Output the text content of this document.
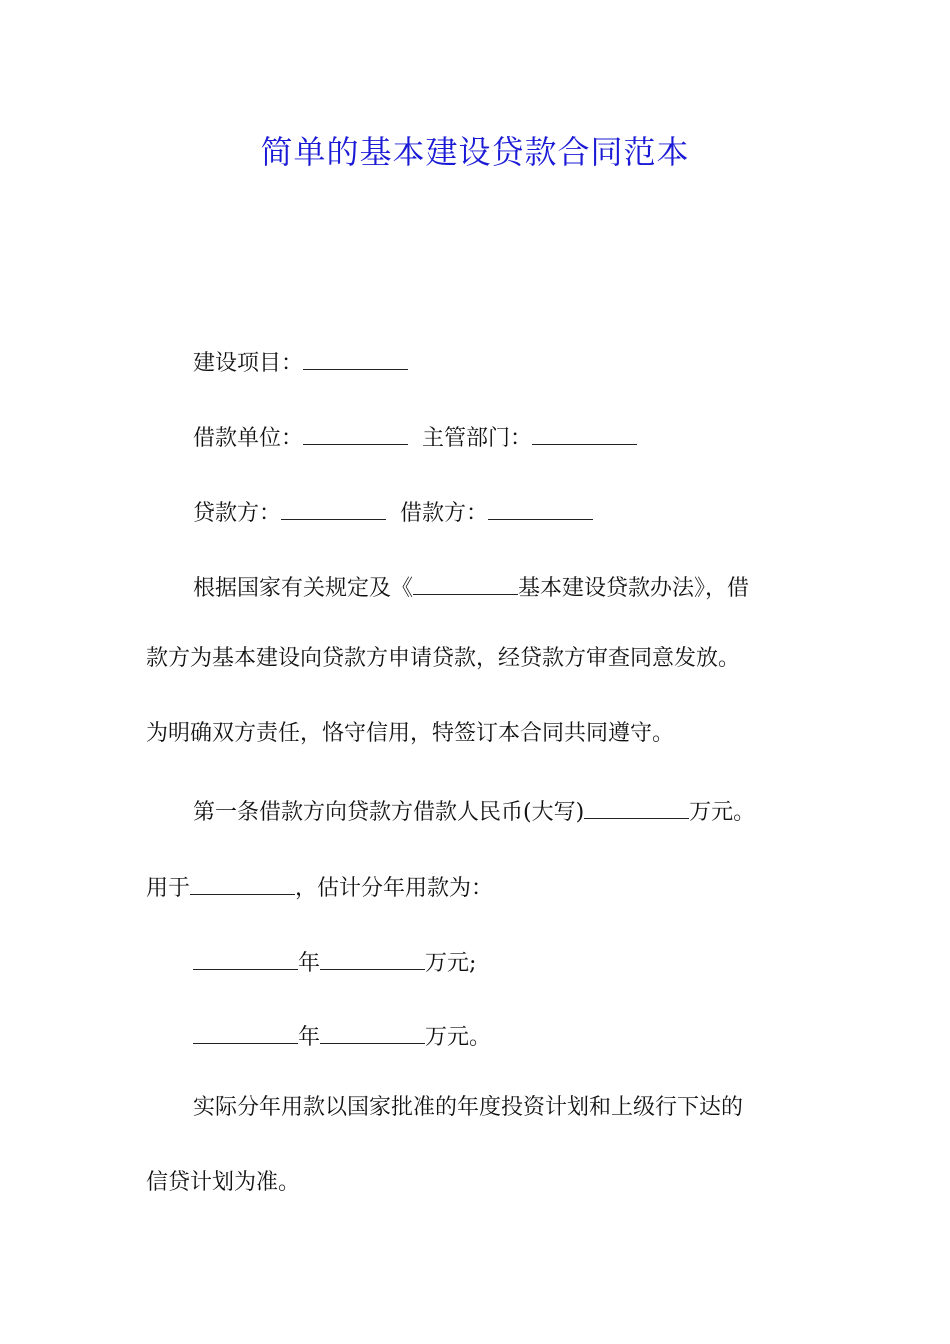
简单的基本建设贷款合同范本
建设项目：
借款单位：	主管部门：
贷款方：	借款方：
根据国家有关规定及《	基本建设贷款办法》，借
款方为基本建设向贷款方申请贷款，经贷款方审查同意发放。
为明确双方责任，恪守信用，特签订本合同共同遵守。
第一条借款方向贷款方借款人民币(大写)	万元。
用于	，估计分年用款为：
年	万元;
年	万元。
实际分年用款以国家批准的年度投资计划和上级行下达的
信贷计划为准。
